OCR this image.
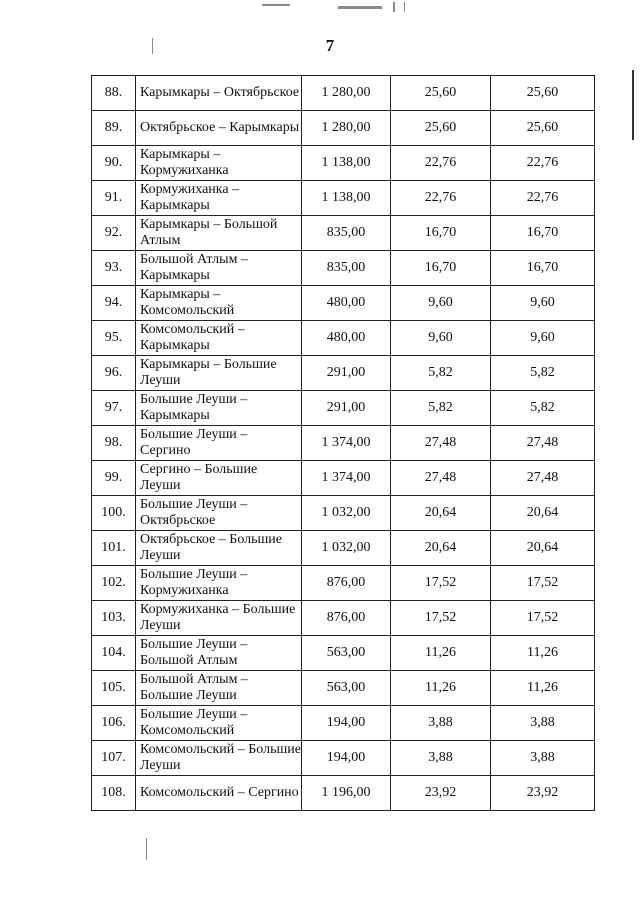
7
88.	Карымкары – Октябрьское	1 280,00	25,60	25,60
89.	Октябрьское – Карымкары	1 280,00	25,60	25,60
90.	Карымкары – Кормужиханка	1 138,00	22,76	22,76
91.	Кормужиханка – Карымкары	1 138,00	22,76	22,76
92.	Карымкары – Большой Атлым	835,00	16,70	16,70
93.	Большой Атлым – Карымкары	835,00	16,70	16,70
94.	Карымкары – Комсомольский	480,00	9,60	9,60
95.	Комсомольский – Карымкары	480,00	9,60	9,60
96.	Карымкары – Большие Леуши	291,00	5,82	5,82
97.	Большие Леуши – Карымкары	291,00	5,82	5,82
98.	Большие Леуши – Сергино	1 374,00	27,48	27,48
99.	Сергино – Большие Леуши	1 374,00	27,48	27,48
100.	Большие Леуши – Октябрьское	1 032,00	20,64	20,64
101.	Октябрьское – Большие Леуши	1 032,00	20,64	20,64
102.	Большие Леуши – Кормужиханка	876,00	17,52	17,52
103.	Кормужиханка – Большие Леуши	876,00	17,52	17,52
104.	Большие Леуши – Большой Атлым	563,00	11,26	11,26
105.	Большой Атлым – Большие Леуши	563,00	11,26	11,26
106.	Большие Леуши – Комсомольский	194,00	3,88	3,88
107.	Комсомольский – Большие Леуши	194,00	3,88	3,88
108.	Комсомольский – Сергино	1 196,00	23,92	23,92
